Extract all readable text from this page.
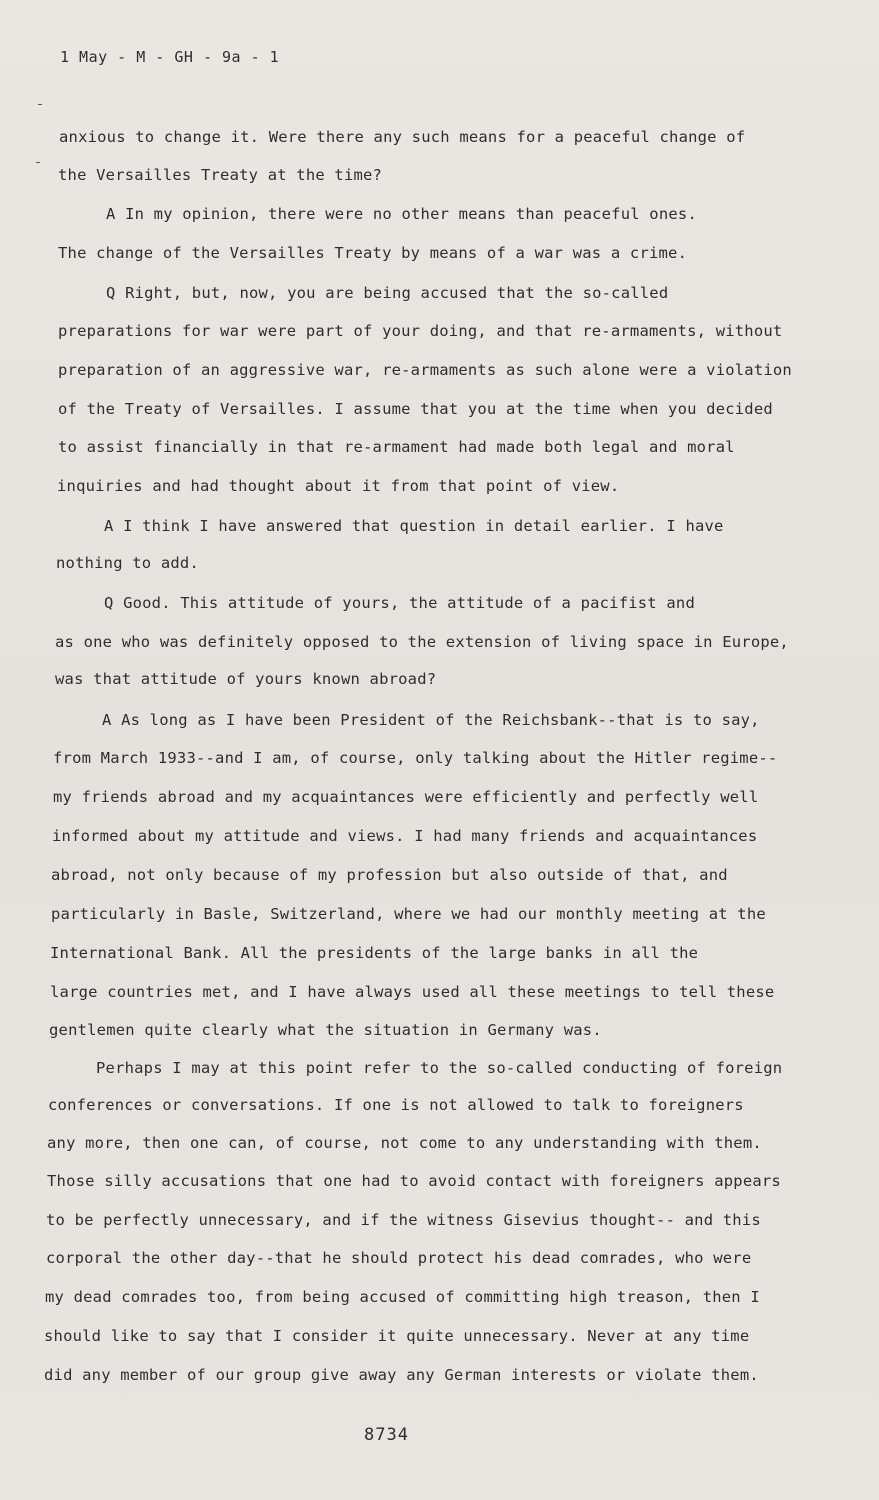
1 May - M - GH - 9a - 1
anxious to change it. Were there any such means for a peaceful change of
the Versailles Treaty at the time?
A In my opinion, there were no other means than peaceful ones.
The change of the Versailles Treaty by means of a war was a crime.
Q Right, but, now, you are being accused that the so-called
preparations for war were part of your doing, and that re-armaments, without
preparation of an aggressive war, re-armaments as such alone were a violation
of the Treaty of Versailles. I assume that you at the time when you decided
to assist financially in that re-armament had made both legal and moral
inquiries and had thought about it from that point of view.
A I think I have answered that question in detail earlier. I have
nothing to add.
Q Good. This attitude of yours, the attitude of a pacifist and
as one who was definitely opposed to the extension of living space in Europe,
was that attitude of yours known abroad?
A As long as I have been President of the Reichsbank--that is to say,
from March 1933--and I am, of course, only talking about the Hitler regime--
my friends abroad and my acquaintances were efficiently and perfectly well
informed about my attitude and views. I had many friends and acquaintances
abroad, not only because of my profession but also outside of that, and
particularly in Basle, Switzerland, where we had our monthly meeting at the
International Bank. All the presidents of the large banks in all the
large countries met, and I have always used all these meetings to tell these
gentlemen quite clearly what the situation in Germany was.
Perhaps I may at this point refer to the so-called conducting of foreign
conferences or conversations. If one is not allowed to talk to foreigners
any more, then one can, of course, not come to any understanding with them.
Those silly accusations that one had to avoid contact with foreigners appears
to be perfectly unnecessary, and if the witness Gisevius thought-- and this
corporal the other day--that he should protect his dead comrades, who were
my dead comrades too, from being accused of committing high treason, then I
should like to say that I consider it quite unnecessary. Never at any time
did any member of our group give away any German interests or violate them.
8734
